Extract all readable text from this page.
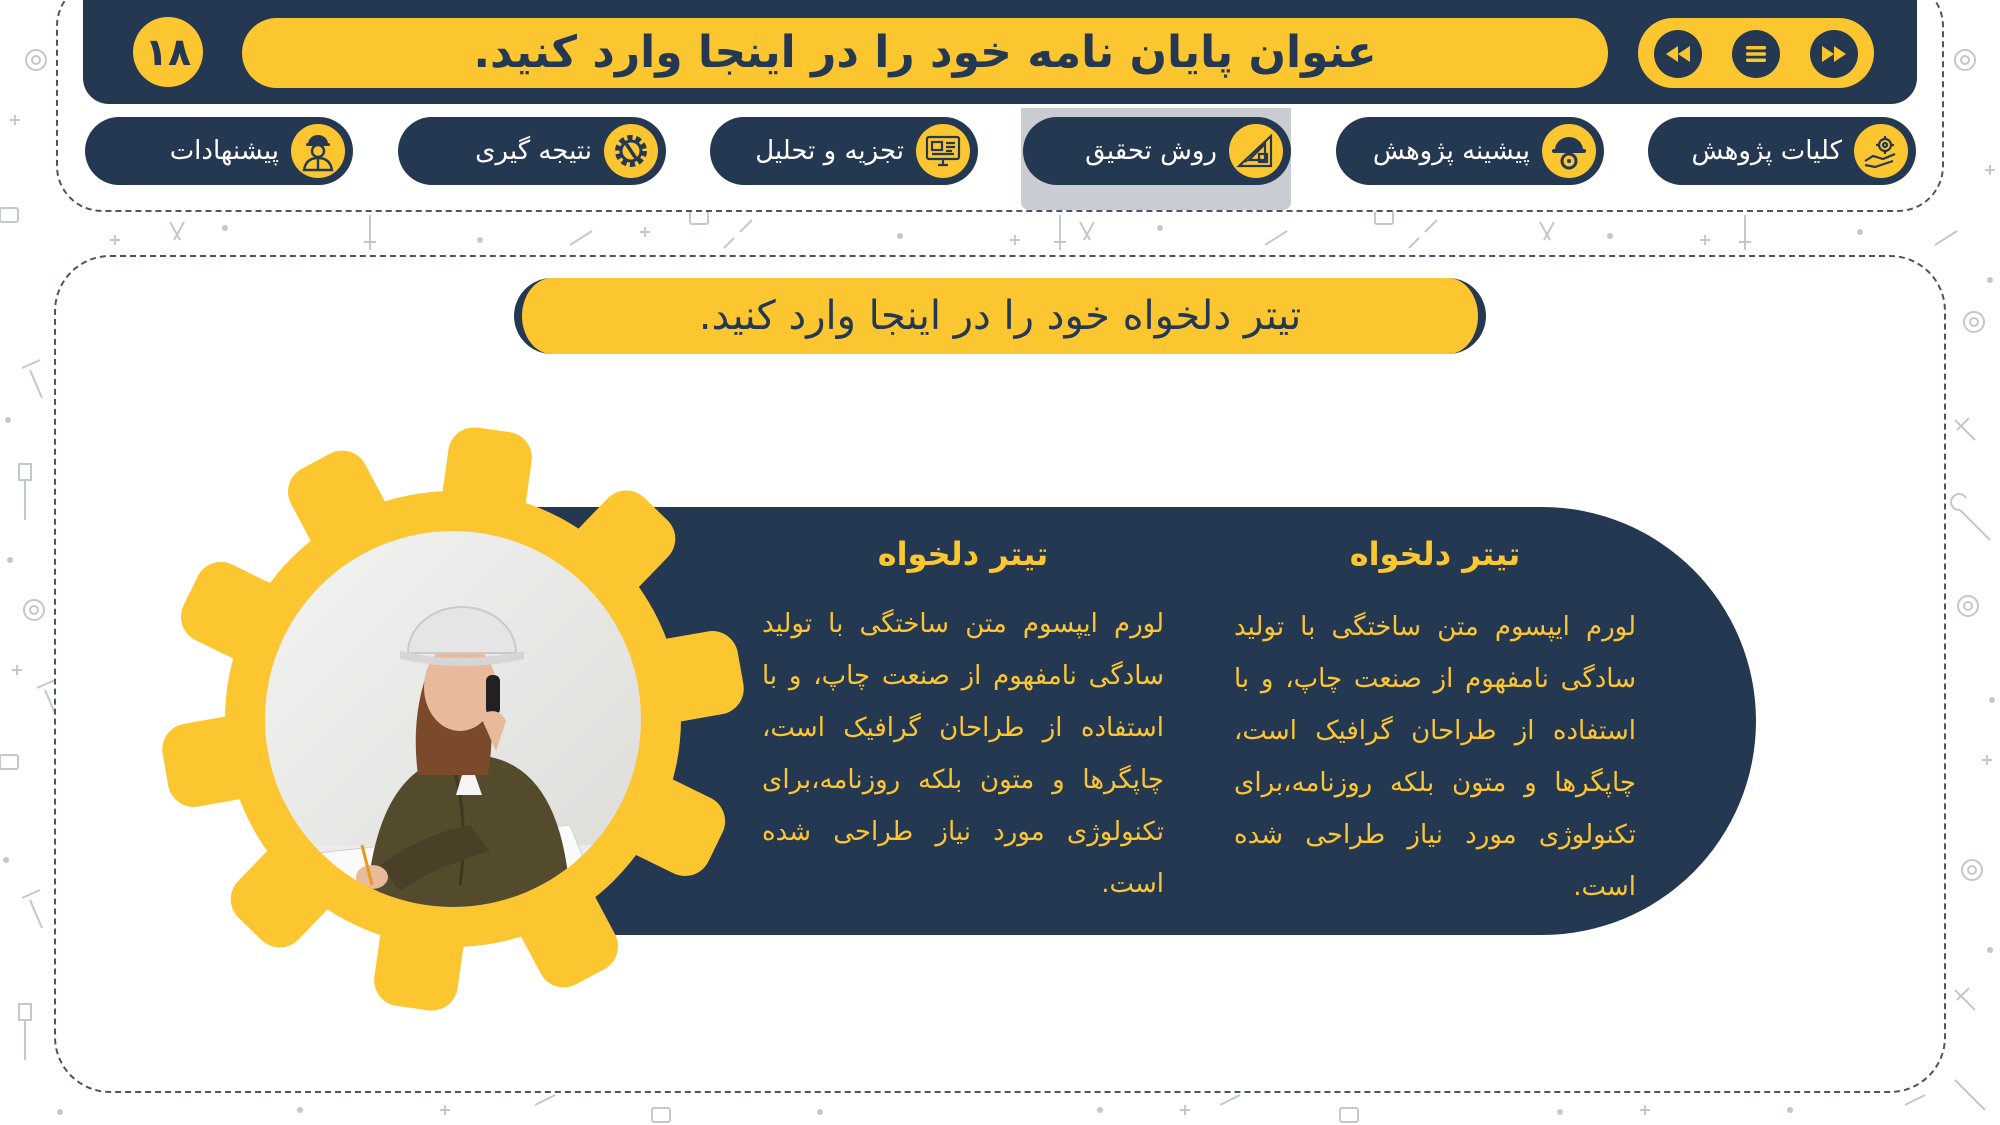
۱۸	عنوان پایان نامه خود را در اینجا وارد کنید.
کلیات پژوهش
پیشینه پژوهش
روش تحقیق
تجزیه و تحلیل
نتیجه گیری
پیشنهادات
تیتر دلخواه خود را در اینجا وارد کنید.
تیتر دلخواه
لورم ایپسوم متن ساختگی با تولید سادگی نامفهوم از صنعت چاپ، و با استفاده از طراحان گرافیک است، چاپگرها و متون بلکه روزنامه،برای تکنولوژی مورد نیاز طراحی شده است.
تیتر دلخواه
لورم ایپسوم متن ساختگی با تولید سادگی نامفهوم از صنعت چاپ، و با استفاده از طراحان گرافیک است، چاپگرها و متون بلکه روزنامه،برای تکنولوژی مورد نیاز طراحی شده است.
